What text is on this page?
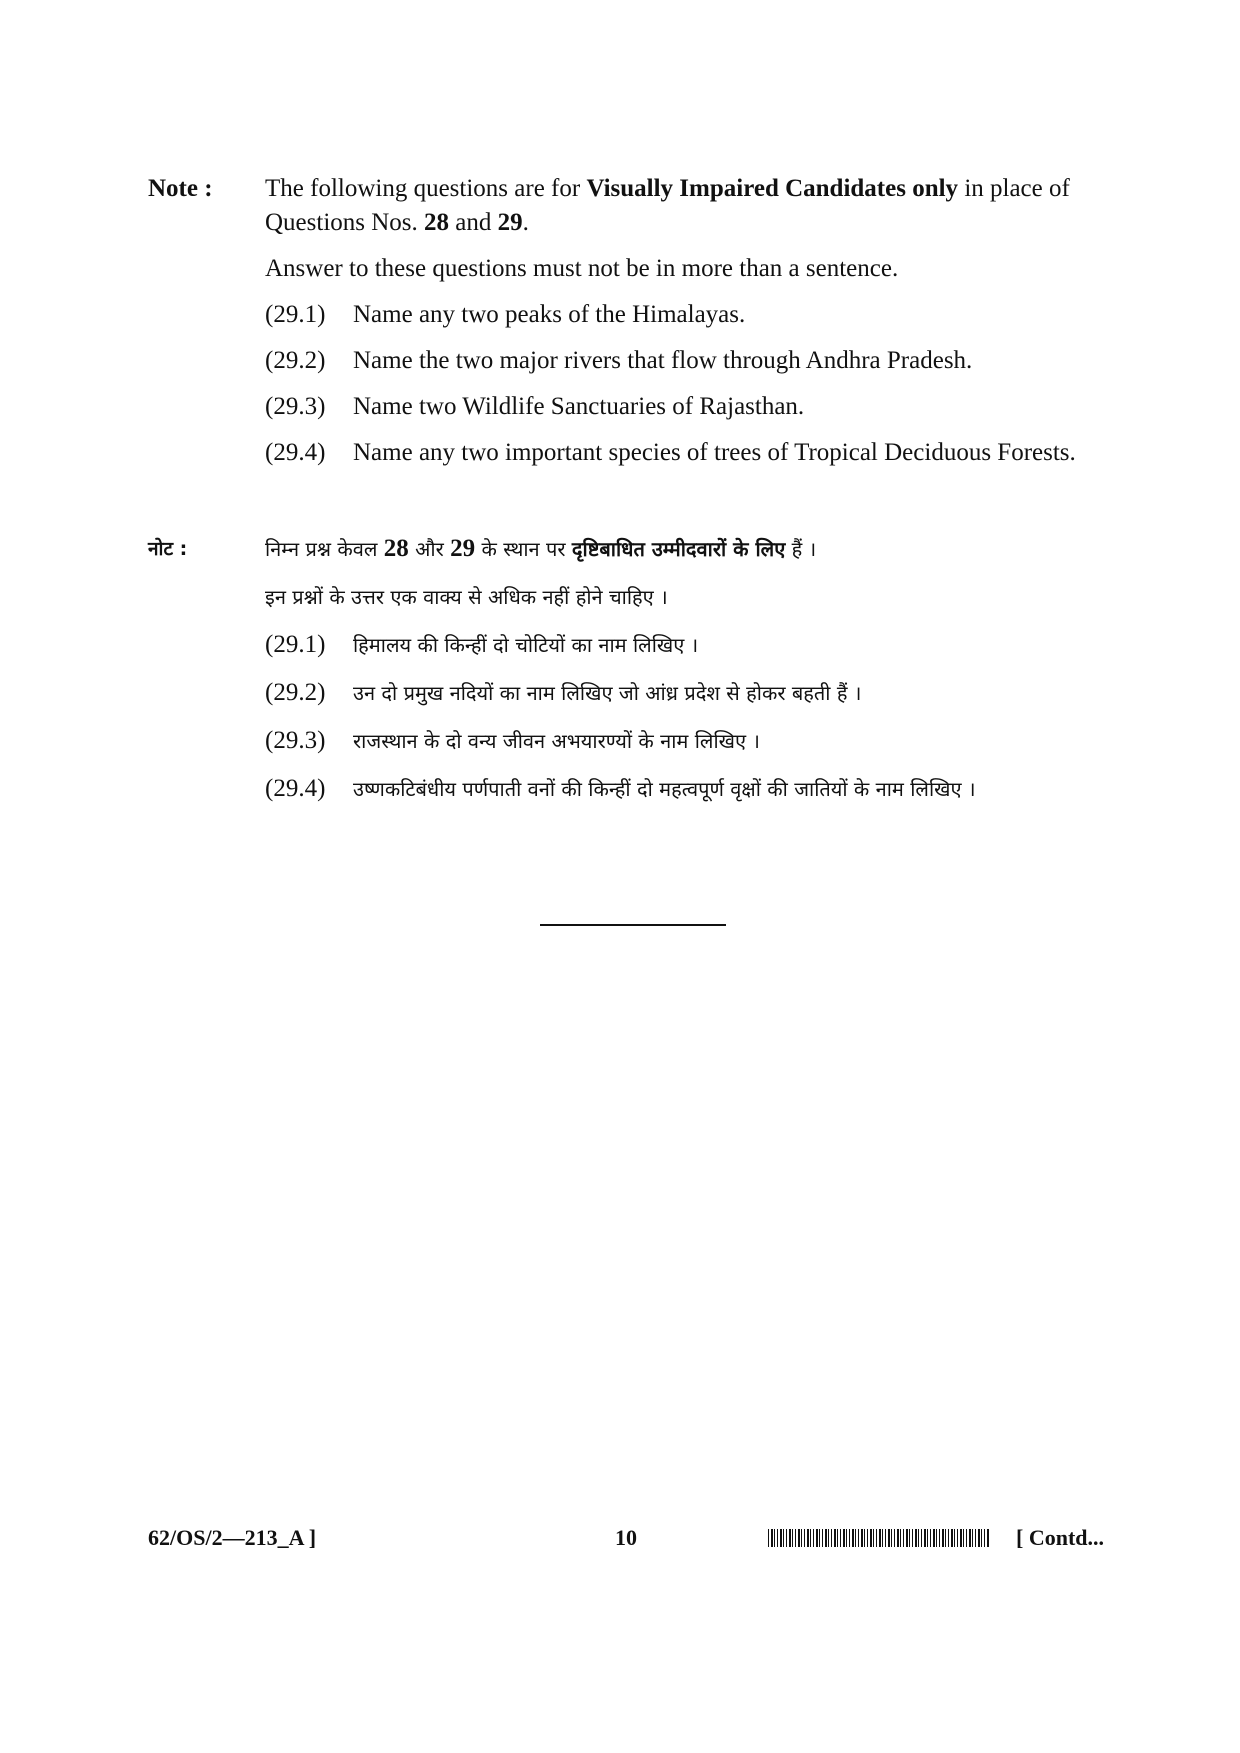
Note :	The following questions are for Visually Impaired Candidates only in place of Questions Nos. 28 and 29.
Answer to these questions must not be in more than a sentence.
(29.1)	Name any two peaks of the Himalayas.
(29.2)	Name the two major rivers that flow through Andhra Pradesh.
(29.3)	Name two Wildlife Sanctuaries of Rajasthan.
(29.4)	Name any two important species of trees of Tropical Deciduous Forests.
नोट :	निम्न प्रश्न केवल 28 और 29 के स्थान पर दृष्टिबाधित उम्मीदवारों के लिए हैं ।
इन प्रश्नों के उत्तर एक वाक्य से अधिक नहीं होने चाहिए ।
(29.1)	हिमालय की किन्हीं दो चोटियों का नाम लिखिए ।
(29.2)	उन दो प्रमुख नदियों का नाम लिखिए जो आंध्र प्रदेश से होकर बहती हैं ।
(29.3)	राजस्थान के दो वन्य जीवन अभयारण्यों के नाम लिखिए ।
(29.4)	उष्णकटिबंधीय पर्णपाती वनों की किन्हीं दो महत्वपूर्ण वृक्षों की जातियों के नाम लिखिए ।
62/OS/2—213_A ]	10	[ Contd...
